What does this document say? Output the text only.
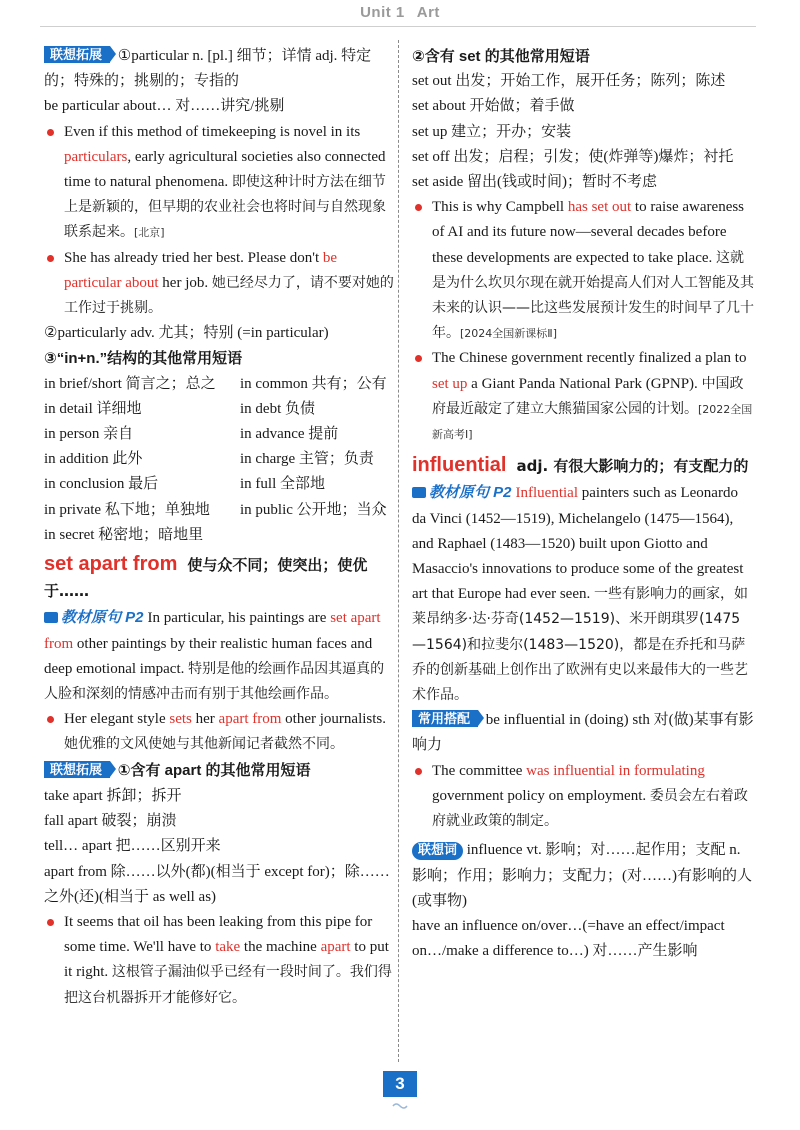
Unit 1 Art
联想拓展 ①particular n. [pl.] 细节；详情 adj. 特定的；特殊的；挑剔的；专指的
be particular about… 对……讲究/挑剔
Even if this method of timekeeping is novel in its particulars, early agricultural societies also connected time to natural phenomena. 即使这种计时方法在细节上是新颖的，但早期的农业社会也将时间与自然现象联系起来。[北京]
She has already tried her best. Please don't be particular about her job. 她已经尽力了，请不要对她的工作过于挑剔。
②particularly adv. 尤其；特别 (=in particular)
③“in+n.”结构的其他常用短语
in brief/short 简言之；总之	in common 共有；公有
in detail 详细地	in debt 负债
in person 亲自	in advance 提前
in addition 此外	in charge 主管；负责
in conclusion 最后	in full 全部地
in private 私下地；单独地	in public 公开地；当众
in secret 秘密地；暗地里
set apart from 使与众不同；使突出；使优于……
教材原句 P2 In particular, his paintings are set apart from other paintings by their realistic human faces and deep emotional impact. 特别是他的绘画作品因其逼真的人脸和深刻的情感冲击而有别于其他绘画作品。
Her elegant style sets her apart from other journalists. 她优雅的文风使她与其他新闻记者截然不同。
联想拓展 ①含有 apart 的其他常用短语
take apart 拆卸；拆开
fall apart 破裂；崩溃
tell… apart 把……区别开来
apart from 除……以外(都)(相当于 except for)；除……之外(还)(相当于 as well as)
It seems that oil has been leaking from this pipe for some time. We'll have to take the machine apart to put it right. 这根管子漏油似乎已经有一段时间了。我们得把这台机器拆开才能修好它。
②含有 set 的其他常用短语
set out 出发；开始工作，展开任务；陈列；陈述
set about 开始做；着手做
set up 建立；开办；安装
set off 出发；启程；引发；使(炸弹等)爆炸；衬托
set aside 留出(钱或时间)；暂时不考虑
This is why Campbell has set out to raise awareness of AI and its future now—several decades before these developments are expected to take place. 这就是为什么坎贝尔现在就开始提高人们对人工智能及其未来的认识——比这些发展预计发生的时间早了几十年。[2024全国新课标Ⅱ]
The Chinese government recently finalized a plan to set up a Giant Panda National Park (GPNP). 中国政府最近敲定了建立大熊猫国家公园的计划。[2022全国新高考Ⅰ]
influential adj. 有很大影响力的；有支配力的
教材原句 P2 Influential painters such as Leonardo da Vinci (1452—1519), Michelangelo (1475—1564), and Raphael (1483—1520) built upon Giotto and Masaccio's innovations to produce some of the greatest art that Europe had ever seen. 一些有影响力的画家，如莱昂纳多·达·芬奇(1452—1519)、米开朗琪罗(1475—1564)和拉斐尔(1483—1520)，都是在乔托和马萨乔的创新基础上创作出了欧洲有史以来最伟大的一些艺术作品。
常用搭配 be influential in (doing) sth 对(做)某事有影响力
The committee was influential in formulating government policy on employment. 委员会左右着政府就业政策的制定。
联想词 influence vt. 影响；对……起作用；支配 n. 影响；作用；影响力；支配力；(对……)有影响的人(或事物)
have an influence on/over…(=have an effect/impact on…/make a difference to…) 对……产生影响
3
